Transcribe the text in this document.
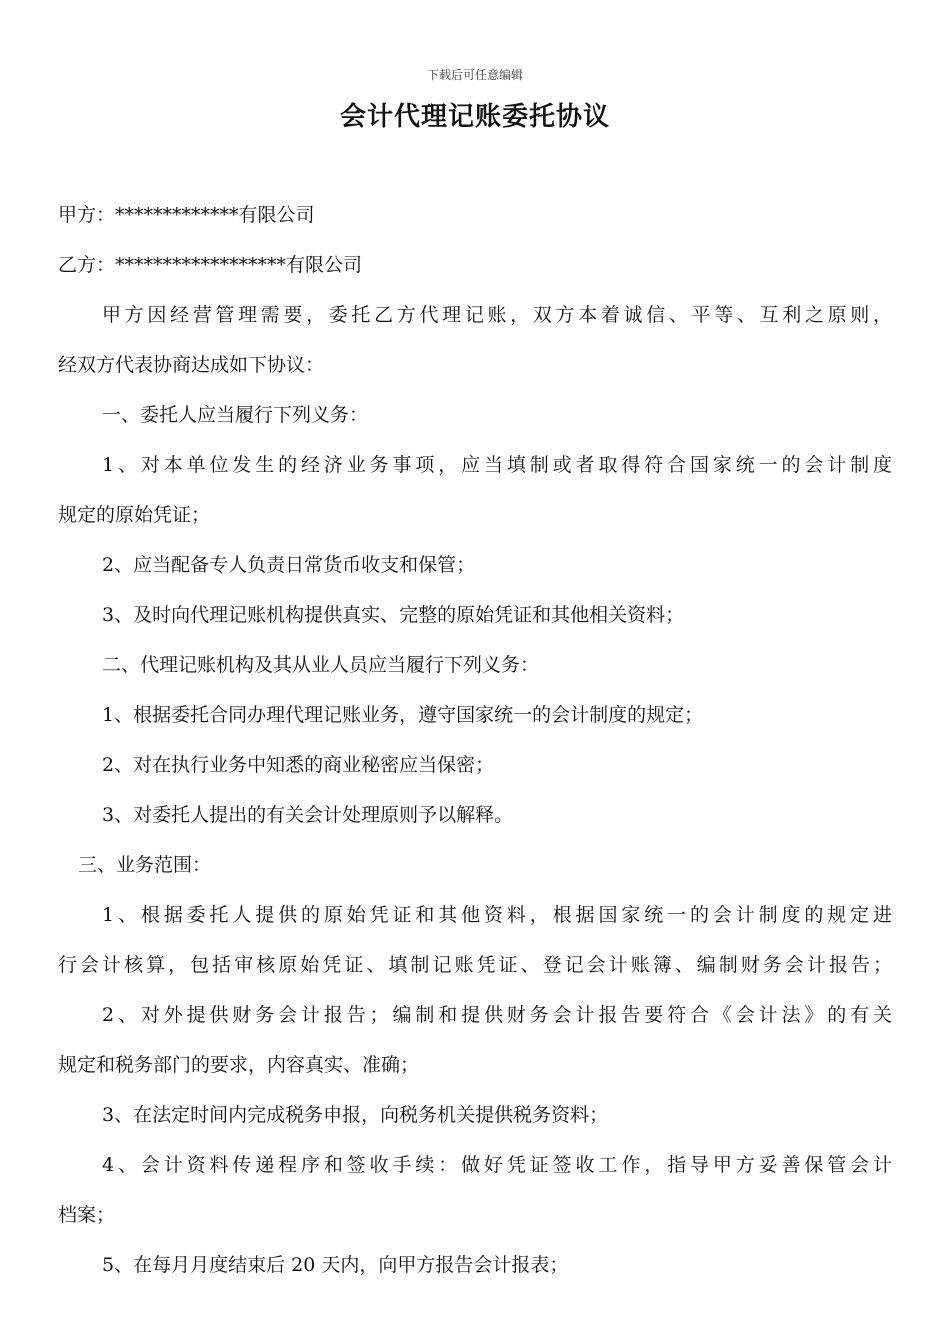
下载后可任意编辑
会计代理记账委托协议

甲方：*************有限公司

乙方：******************有限公司

甲方因经营管理需要，委托乙方代理记账，双方本着诚信、平等、互利之原则，

经双方代表协商达成如下协议：

一、委托人应当履行下列义务：

1、对本单位发生的经济业务事项，应当填制或者取得符合国家统一的会计制度

规定的原始凭证；

2、应当配备专人负责日常货币收支和保管；

3、及时向代理记账机构提供真实、完整的原始凭证和其他相关资料；

二、代理记账机构及其从业人员应当履行下列义务：

1、根据委托合同办理代理记账业务，遵守国家统一的会计制度的规定；

2、对在执行业务中知悉的商业秘密应当保密；

3、对委托人提出的有关会计处理原则予以解释。

三、业务范围：

1、根据委托人提供的原始凭证和其他资料，根据国家统一的会计制度的规定进

行会计核算，包括审核原始凭证、填制记账凭证、登记会计账簿、编制财务会计报告；

2、对外提供财务会计报告；编制和提供财务会计报告要符合《会计法》的有关

规定和税务部门的要求，内容真实、准确；

3、在法定时间内完成税务申报，向税务机关提供税务资料；

4、会计资料传递程序和签收手续：做好凭证签收工作，指导甲方妥善保管会计

档案；

5、在每月月度结束后 20 天内，向甲方报告会计报表；
